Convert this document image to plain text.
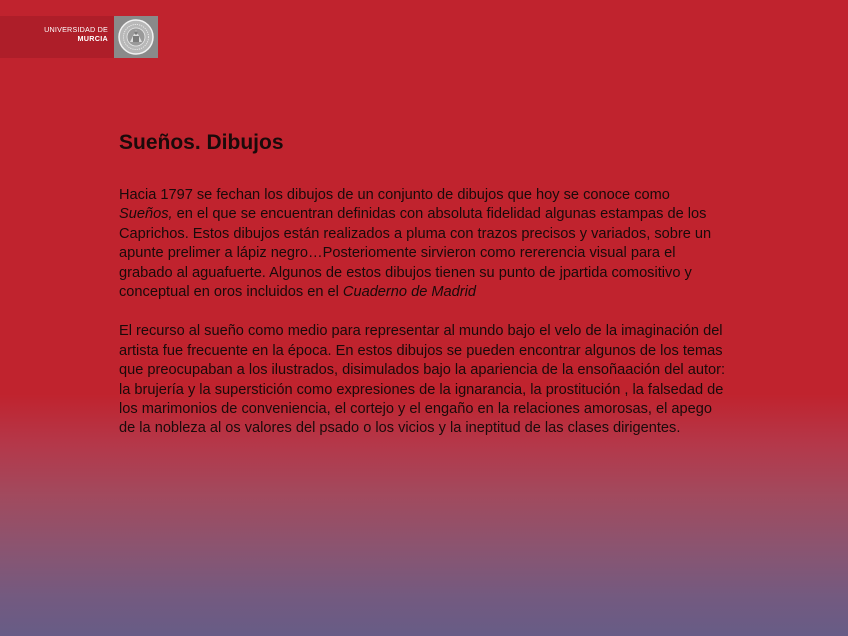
UNIVERSIDAD DE
MURCIA
Sueños. Dibujos

Hacia 1797 se fechan los dibujos de un conjunto de dibujos que hoy se conoce como
Sueños, en el que se encuentran definidas con absoluta fidelidad algunas estampas de los
Caprichos. Estos dibujos están realizados a pluma con trazos precisos y variados, sobre un
apunte prelimer a lápiz negro…Posteriomente sirvieron como rererencia visual para el
grabado al aguafuerte. Algunos de estos dibujos tienen su punto de jpartida comositivo y
conceptual en oros incluidos en el Cuaderno de Madrid

El recurso al sueño como medio para representar al mundo bajo el velo de la imaginación del
artista fue frecuente en la época. En estos dibujos se pueden encontrar algunos de los temas
que preocupaban a los ilustrados, disimulados bajo la apariencia de la ensoñaación del autor:
la brujería y la superstición como expresiones de la ignarancia, la prostitución , la falsedad de
los marimonios de conveniencia, el cortejo y el engaño en la relaciones amorosas, el apego
de la nobleza al os valores del psado o los vicios y la ineptitud de las clases dirigentes.
